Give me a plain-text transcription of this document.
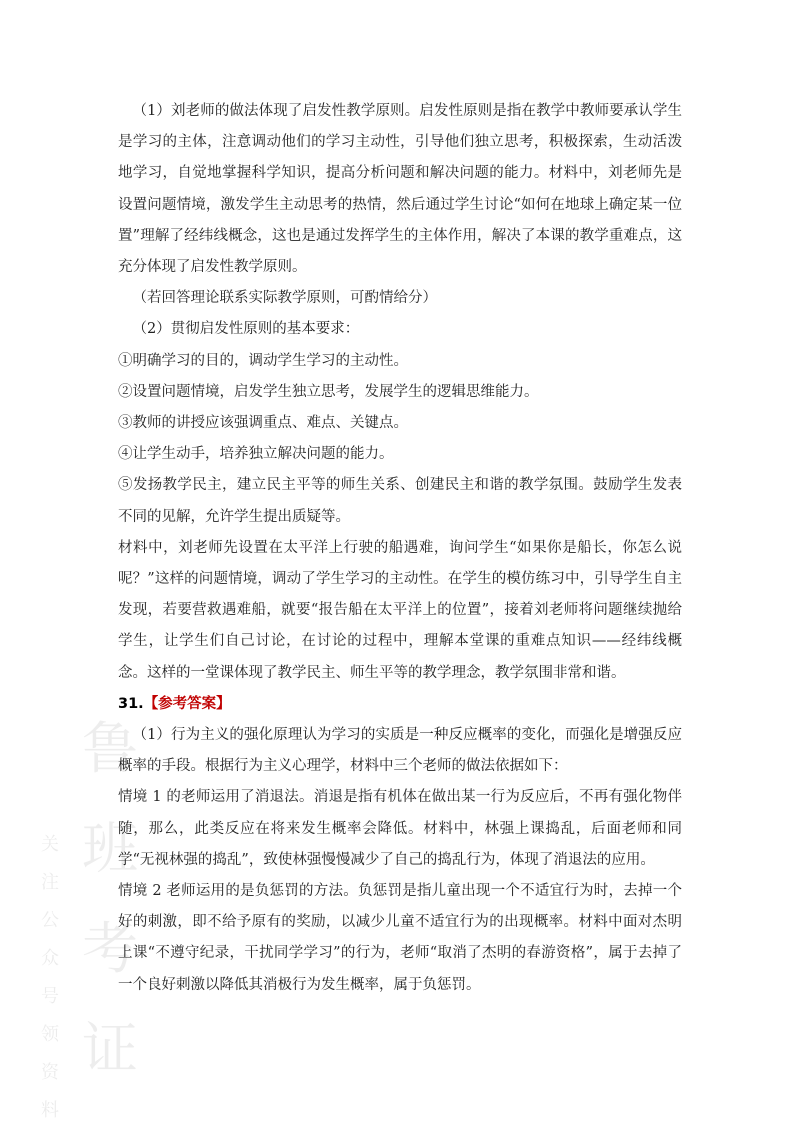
鲁
班
考
证
关
注
公
众
号
领
资
料

（1）刘老师的做法体现了启发性教学原则。启发性原则是指在教学中教师要承认学生是学习的主体，注意调动他们的学习主动性，引导他们独立思考，积极探索，生动活泼地学习，自觉地掌握科学知识，提高分析问题和解决问题的能力。材料中，刘老师先是设置问题情境，激发学生主动思考的热情，然后通过学生讨论“如何在地球上确定某一位置”理解了经纬线概念，这也是通过发挥学生的主体作用，解决了本课的教学重难点，这充分体现了启发性教学原则。

（若回答理论联系实际教学原则，可酌情给分）

（2）贯彻启发性原则的基本要求：

①明确学习的目的，调动学生学习的主动性。

②设置问题情境，启发学生独立思考，发展学生的逻辑思维能力。

③教师的讲授应该强调重点、难点、关键点。

④让学生动手，培养独立解决问题的能力。

⑤发扬教学民主，建立民主平等的师生关系、创建民主和谐的教学氛围。鼓励学生发表不同的见解，允许学生提出质疑等。

材料中，刘老师先设置在太平洋上行驶的船遇难，询问学生“如果你是船长，你怎么说呢？”这样的问题情境，调动了学生学习的主动性。在学生的模仿练习中，引导学生自主发现，若要营救遇难船，就要“报告船在太平洋上的位置”，接着刘老师将问题继续抛给学生，让学生们自己讨论，在讨论的过程中，理解本堂课的重难点知识——经纬线概念。这样的一堂课体现了教学民主、师生平等的教学理念，教学氛围非常和谐。

31.【参考答案】

（1）行为主义的强化原理认为学习的实质是一种反应概率的变化，而强化是增强反应概率的手段。根据行为主义心理学，材料中三个老师的做法依据如下：

情境 1 的老师运用了消退法。消退是指有机体在做出某一行为反应后，不再有强化物伴随，那么，此类反应在将来发生概率会降低。材料中，林强上课捣乱，后面老师和同学“无视林强的捣乱”，致使林强慢慢减少了自己的捣乱行为，体现了消退法的应用。

情境 2 老师运用的是负惩罚的方法。负惩罚是指儿童出现一个不适宜行为时，去掉一个好的刺激，即不给予原有的奖励，以减少儿童不适宜行为的出现概率。材料中面对杰明上课“不遵守纪录，干扰同学学习”的行为，老师“取消了杰明的春游资格”，属于去掉了一个良好刺激以降低其消极行为发生概率，属于负惩罚。
